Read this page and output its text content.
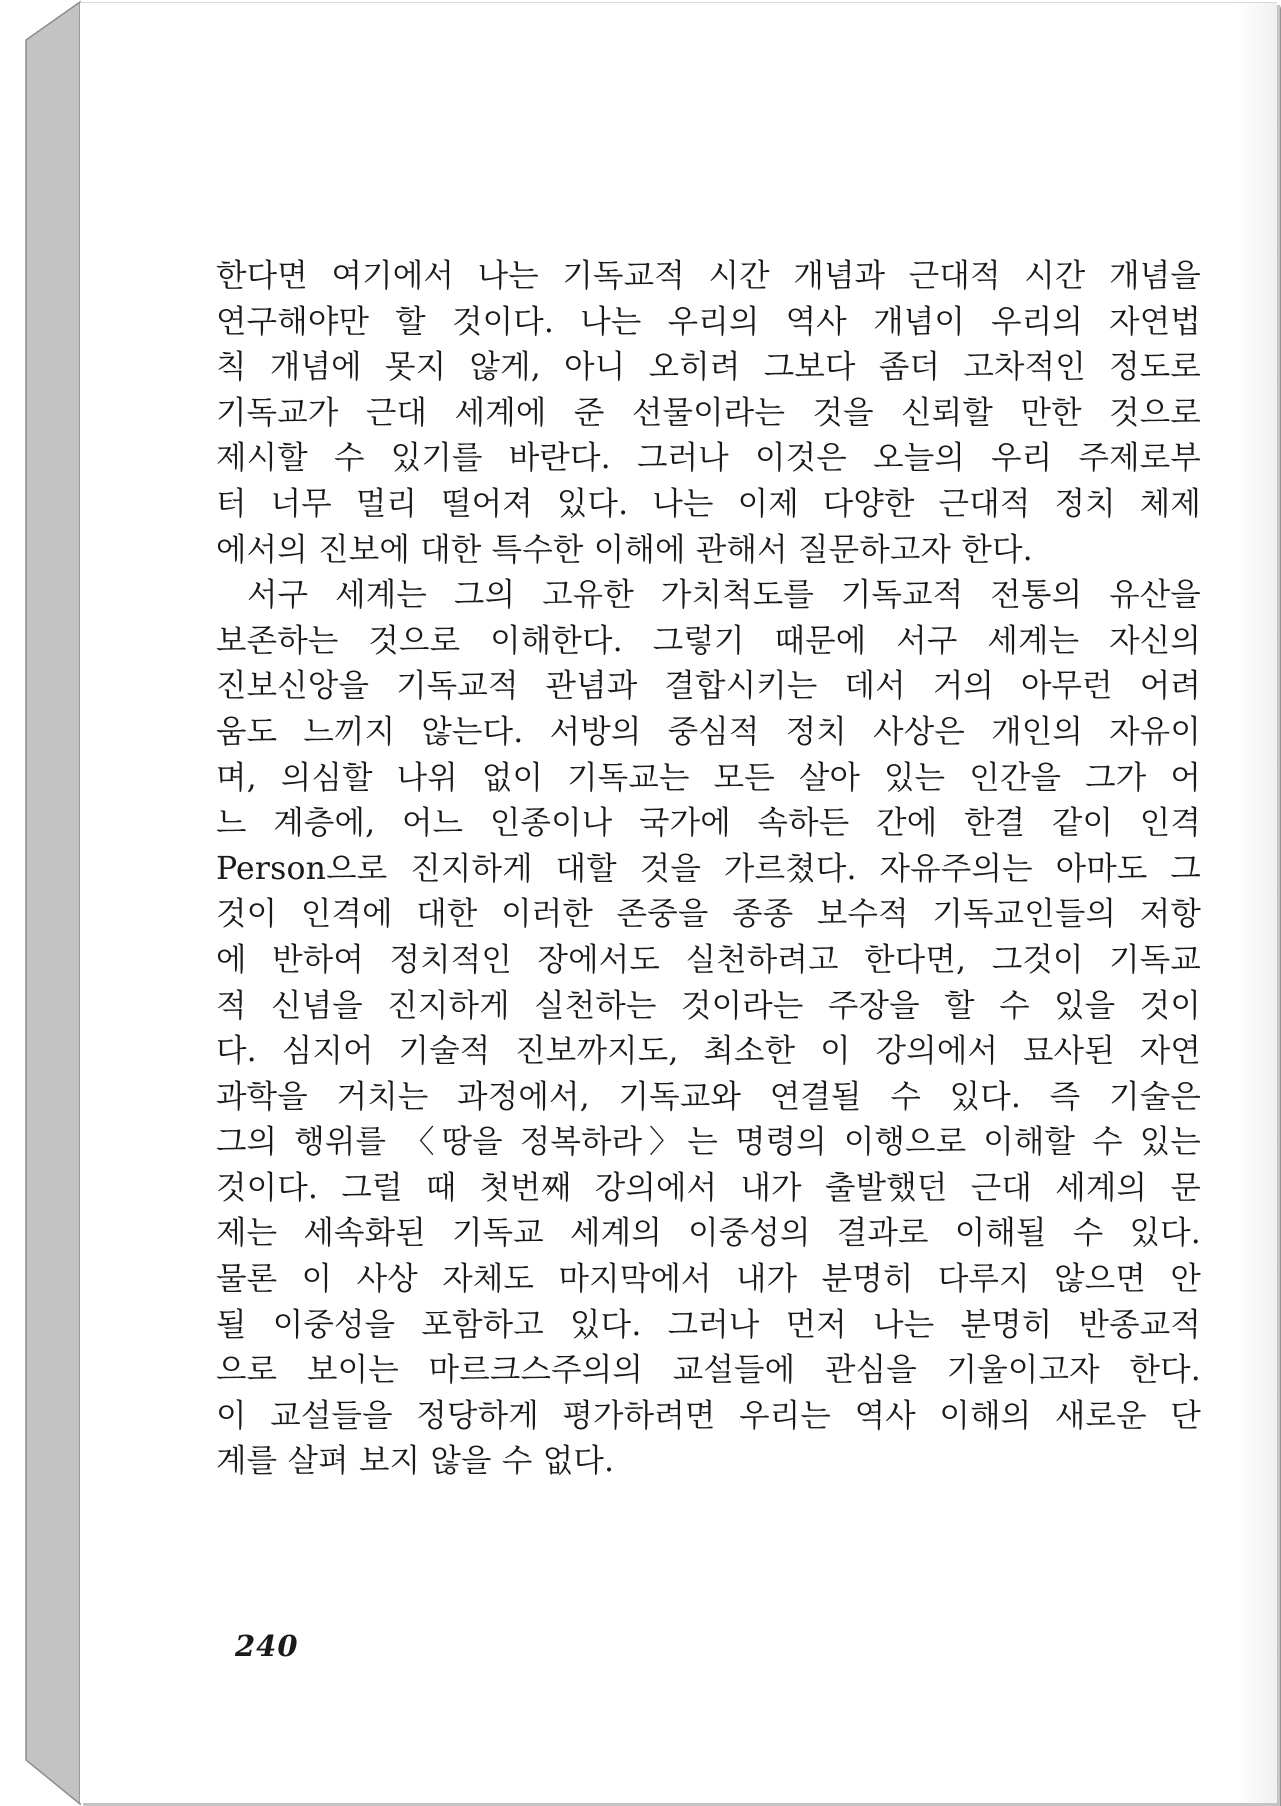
한다면 여기에서 나는 기독교적 시간 개념과 근대적 시간 개념을
연구해야만 할 것이다. 나는 우리의 역사 개념이 우리의 자연법
칙 개념에 못지 않게, 아니 오히려 그보다 좀더 고차적인 정도로
기독교가 근대 세계에 준 선물이라는 것을 신뢰할 만한 것으로
제시할 수 있기를 바란다. 그러나 이것은 오늘의 우리 주제로부
터 너무 멀리 떨어져 있다. 나는 이제 다양한 근대적 정치 체제
에서의 진보에 대한 특수한 이해에 관해서 질문하고자 한다.
서구 세계는 그의 고유한 가치척도를 기독교적 전통의 유산을
보존하는 것으로 이해한다. 그렇기 때문에 서구 세계는 자신의
진보신앙을 기독교적 관념과 결합시키는 데서 거의 아무런 어려
움도 느끼지 않는다. 서방의 중심적 정치 사상은 개인의 자유이
며, 의심할 나위 없이 기독교는 모든 살아 있는 인간을 그가 어
느 계층에, 어느 인종이나 국가에 속하든 간에 한결 같이 인격
Person으로 진지하게 대할 것을 가르쳤다. 자유주의는 아마도 그
것이 인격에 대한 이러한 존중을 종종 보수적 기독교인들의 저항
에 반하여 정치적인 장에서도 실천하려고 한다면, 그것이 기독교
적 신념을 진지하게 실천하는 것이라는 주장을 할 수 있을 것이
다. 심지어 기술적 진보까지도, 최소한 이 강의에서 묘사된 자연
과학을 거치는 과정에서, 기독교와 연결될 수 있다. 즉 기술은
그의 행위를 〈땅을 정복하라〉는 명령의 이행으로 이해할 수 있는
것이다. 그럴 때 첫번째 강의에서 내가 출발했던 근대 세계의 문
제는 세속화된 기독교 세계의 이중성의 결과로 이해될 수 있다.
물론 이 사상 자체도 마지막에서 내가 분명히 다루지 않으면 안
될 이중성을 포함하고 있다. 그러나 먼저 나는 분명히 반종교적
으로 보이는 마르크스주의의 교설들에 관심을 기울이고자 한다.
이 교설들을 정당하게 평가하려면 우리는 역사 이해의 새로운 단
계를 살펴 보지 않을 수 없다.
240
